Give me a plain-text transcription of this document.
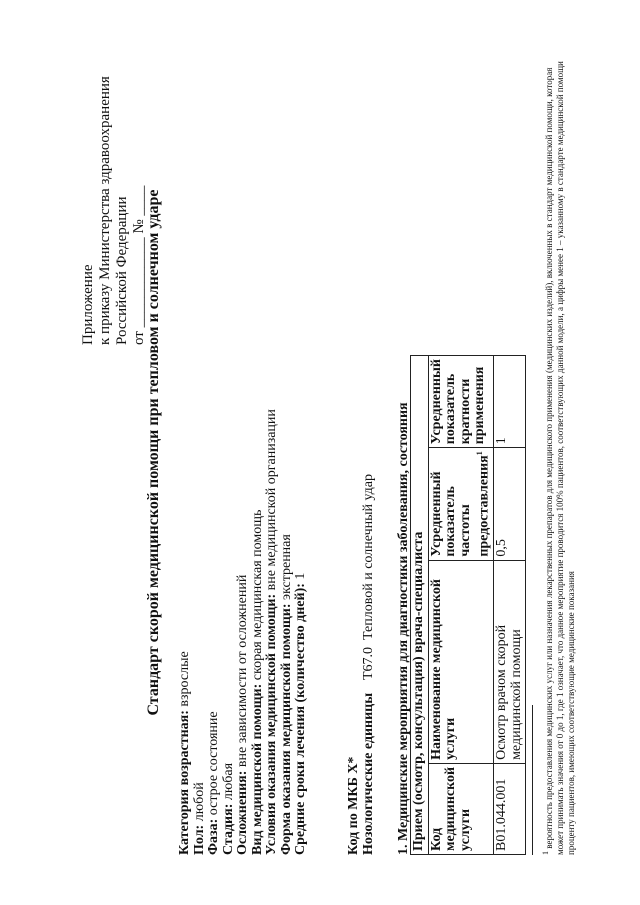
Приложение к приказу Министерства здравоохранения Российской Федерации от ____________ № ____
Стандарт скорой медицинской помощи при тепловом и солнечном ударе
Категория возрастная: взрослые
Пол: любой
Фаза: острое состояние
Стадия: любая Осложнения: вне зависимости от осложнений Вид медицинской помощи: скорая медицинская помощь Условия оказания медицинской помощи: вне медицинской организации
Форма оказания медицинской помощи: экстренная
Средние сроки лечения (количество дней): 1
Код по МКБ X* Нозологические единицы
T67.0
Тепловой и солнечный удар 1. Медицинские мероприятия для диагностики заболевания, состояния Прием (осмотр, консультация) врача-специалиста			
Код медицинской услуги	Наименование медицинской услуги	Усредненный показатель частоты предоставления$^1$	Усредненный показатель кратности применения
B01.044.001	Осмотр врачом скорой медицинской помощи	0,5	1
$^1$ вероятность предоставления медицинских услуг или назначения лекарственных препаратов для медицинского применения (медицинских изделий), включенных в стандарт медицинской помощи, которая может принимать значения от 0 до 1, где 1 означает, что данное мероприятие проводится 100% пациентов, соответствующих данной модели, а цифры менее 1 – указанному в стандарте медицинской помощи проценту пациентов, имеющих соответствующие медицинские показания
